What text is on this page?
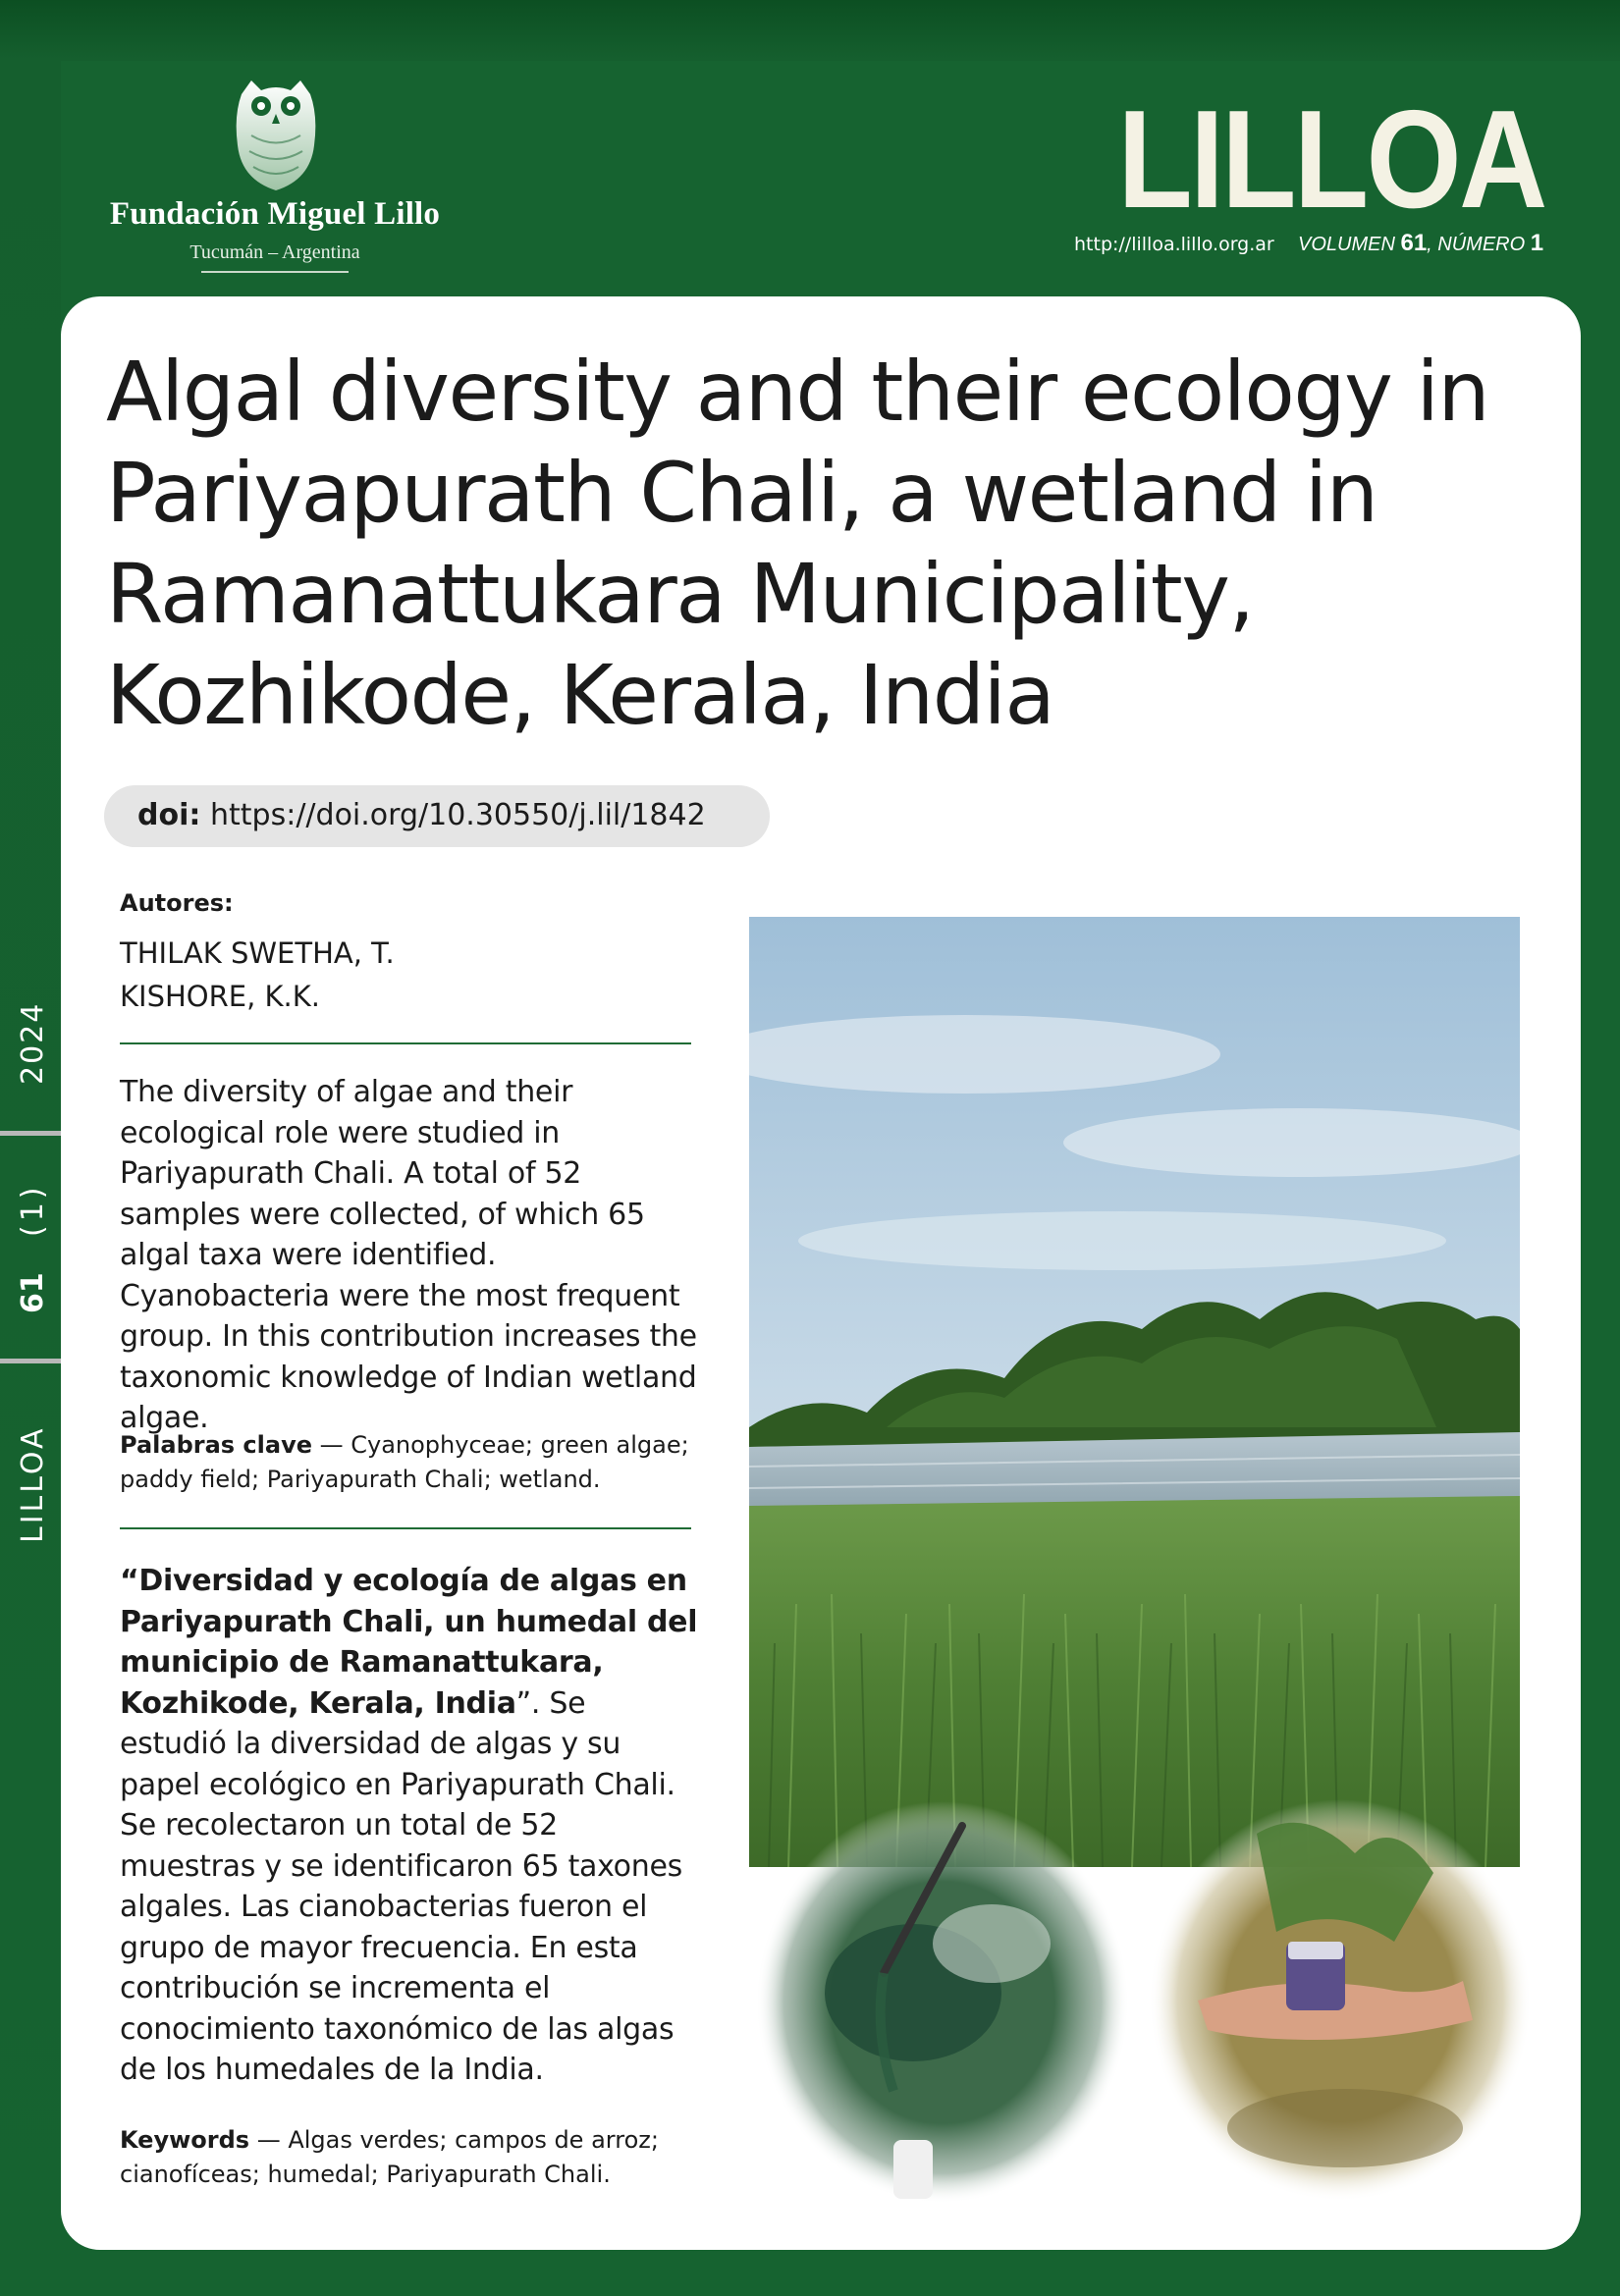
Fundación Miguel Lillo
Tucumán – Argentina
LILLOA
http://lilloa.lillo.org.ar VOLUMEN 61, NÚMERO 1
2024
(1)
61
LILLOA
Algal diversity and their ecology in Pariyapurath Chali, a wetland in Ramanattukara Municipality, Kozhikode, Kerala, India
doi: https://doi.org/10.30550/j.lil/1842
Autores:
THILAK SWETHA, T.
KISHORE, K.K.
The diversity of algae and their ecological role were studied in Pariyapurath Chali. A total of 52 samples were collected, of which 65 algal taxa were identified. Cyanobacteria were the most frequent group. In this contribution increases the taxonomic knowledge of Indian wetland algae.
Palabras clave — Cyanophyceae; green algae; paddy field; Pariyapurath Chali; wetland.
“Diversidad y ecología de algas en Pariyapurath Chali, un humedal del municipio de Ramanattukara, Kozhikode, Kerala, India”. Se estudió la diversidad de algas y su papel ecológico en Pariyapurath Chali. Se recolectaron un total de 52 muestras y se identificaron 65 taxones algales. Las cianobacterias fueron el grupo de mayor frecuencia. En esta contribución se incrementa el conocimiento taxonómico de las algas de los humedales de la India.
Keywords — Algas verdes; campos de arroz; cianofíceas; humedal; Pariyapurath Chali.
